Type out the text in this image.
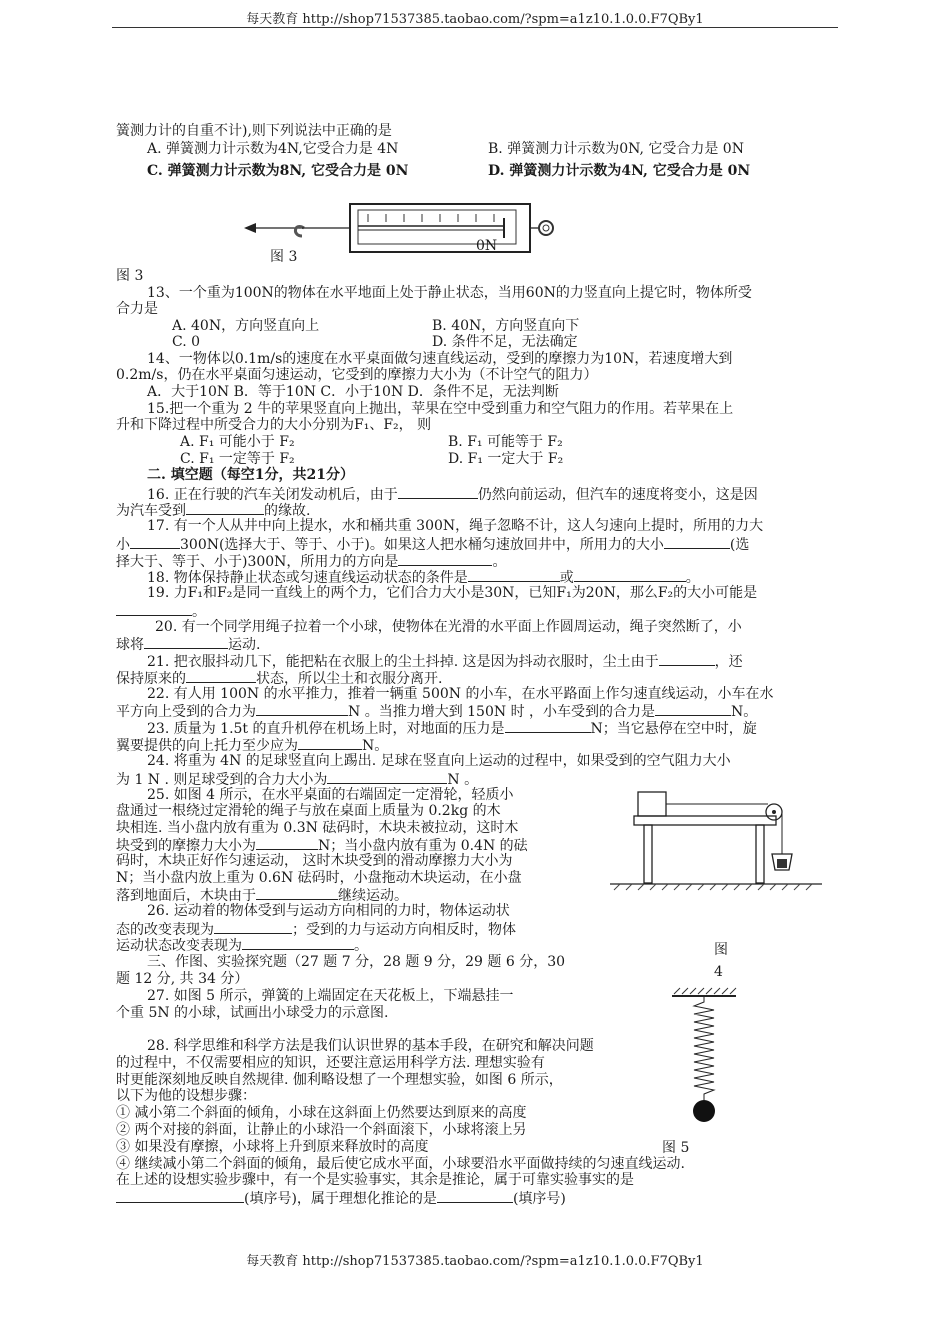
每天教育 http://shop71537385.taobao.com/?spm=a1z10.1.0.0.F7QBy1
簧测力计的自重不计),则下列说法中正确的是
A. 弹簧测力计示数为4N,它受合力是 4N	B. 弹簧测力计示数为0N, 它受合力是 0N
C. 弹簧测力计示数为8N, 它受合力是 0N	D. 弹簧测力计示数为4N, 它受合力是 0N
0N
图 3
图 3
13、一个重为100N的物体在水平地面上处于静止状态，当用60N的力竖直向上提它时，物体所受
合力是
A. 40N，方向竖直向上	B. 40N，方向竖直向下
C. 0	D. 条件不足，无法确定
14、一物体以0.1m/s的速度在水平桌面做匀速直线运动，受到的摩擦力为10N，若速度增大到
0.2m/s，仍在水平桌面匀速运动，它受到的摩擦力大小为（不计空气的阻力）
A．大于10N B．等于10N C．小于10N D．条件不足，无法判断
15.把一个重为 2 牛的苹果竖直向上抛出，苹果在空中受到重力和空气阻力的作用。若苹果在上
升和下降过程中所受合力的大小分别为F₁、F₂， 则
A. F₁ 可能小于 F₂	B. F₁ 可能等于 F₂
C. F₁ 一定等于 F₂	D. F₁ 一定大于 F₂
二. 填空题（每空1分，共21分）
16. 正在行驶的汽车关闭发动机后，由于	仍然向前运动，但汽车的速度将变小，这是因
为汽车受到	的缘故.
17. 有一个人从井中向上提水，水和桶共重 300N，绳子忽略不计，这人匀速向上提时，所用的力大
小	300N(选择大于、等于、小于)。如果这人把水桶匀速放回井中，所用力的大小	(选
择大于、等于、小于)300N，所用力的方向是	。
18. 物体保持静止状态或匀速直线运动状态的条件是	或	。
19. 力F₁和F₂是同一直线上的两个力，它们合力大小是30N，已知F₁为20N，那么F₂的大小可能是
。
20. 有一个同学用绳子拉着一个小球，使物体在光滑的水平面上作圆周运动，绳子突然断了，小
球将	运动.
21. 把衣服抖动几下，能把粘在衣服上的尘土抖掉. 这是因为抖动衣服时，尘土由于	，还
保持原来的	状态，所以尘土和衣服分离开.
22. 有人用 100N 的水平推力，推着一辆重 500N 的小车，在水平路面上作匀速直线运动，小车在水
平方向上受到的合力为	N 。当推力增大到 150N 时 ，小车受到的合力是	N。
23. 质量为 1.5t 的直升机停在机场上时，对地面的压力是	N；当它悬停在空中时，旋
翼要提供的向上托力至少应为	N。
24. 将重为 4N 的足球竖直向上踢出. 足球在竖直向上运动的过程中，如果受到的空气阻力大小
为 1 N . 则足球受到的合力大小为	N 。
25. 如图 4 所示，在水平桌面的右端固定一定滑轮，轻质小
盘通过一根绕过定滑轮的绳子与放在桌面上质量为 0.2kg 的木
块相连. 当小盘内放有重为 0.3N 砝码时，木块未被拉动，这时木
块受到的摩擦力大小为	N；当小盘内放有重为 0.4N 的砝
码时，木块正好作匀速运动， 这时木块受到的滑动摩擦力大小为
N；当小盘内放上重为 0.6N 砝码时，小盘拖动木块运动，在小盘
落到地面后，木块由于	继续运动。
26. 运动着的物体受到与运动方向相同的力时，物体运动状
态的改变表现为	；受到的力与运动方向相反时，物体
运动状态改变表现为	。
三、作图、实验探究题（27 题 7 分，28 题 9 分，29 题 6 分，30
题 12 分, 共 34 分）
27. 如图 5 所示，弹簧的上端固定在天花板上，下端悬挂一
个重 5N 的小球，试画出小球受力的示意图.
28. 科学思维和科学方法是我们认识世界的基本手段，在研究和解决问题
的过程中，不仅需要相应的知识，还要注意运用科学方法. 理想实验有
时更能深刻地反映自然规律. 伽利略设想了一个理想实验，如图 6 所示，
以下为他的设想步骤：
① 减小第二个斜面的倾角，小球在这斜面上仍然要达到原来的高度
② 两个对接的斜面，让静止的小球沿一个斜面滚下，小球将滚上另
③ 如果没有摩擦，小球将上升到原来释放时的高度
④ 继续减小第二个斜面的倾角，最后使它成水平面，小球要沿水平面做持续的匀速直线运动.
在上述的设想实验步骤中，有一个是实验事实，其余是推论，属于可靠实验事实的是
(填序号)，属于理想化推论的是	(填序号)
图
4
图 5
每天教育 http://shop71537385.taobao.com/?spm=a1z10.1.0.0.F7QBy1
